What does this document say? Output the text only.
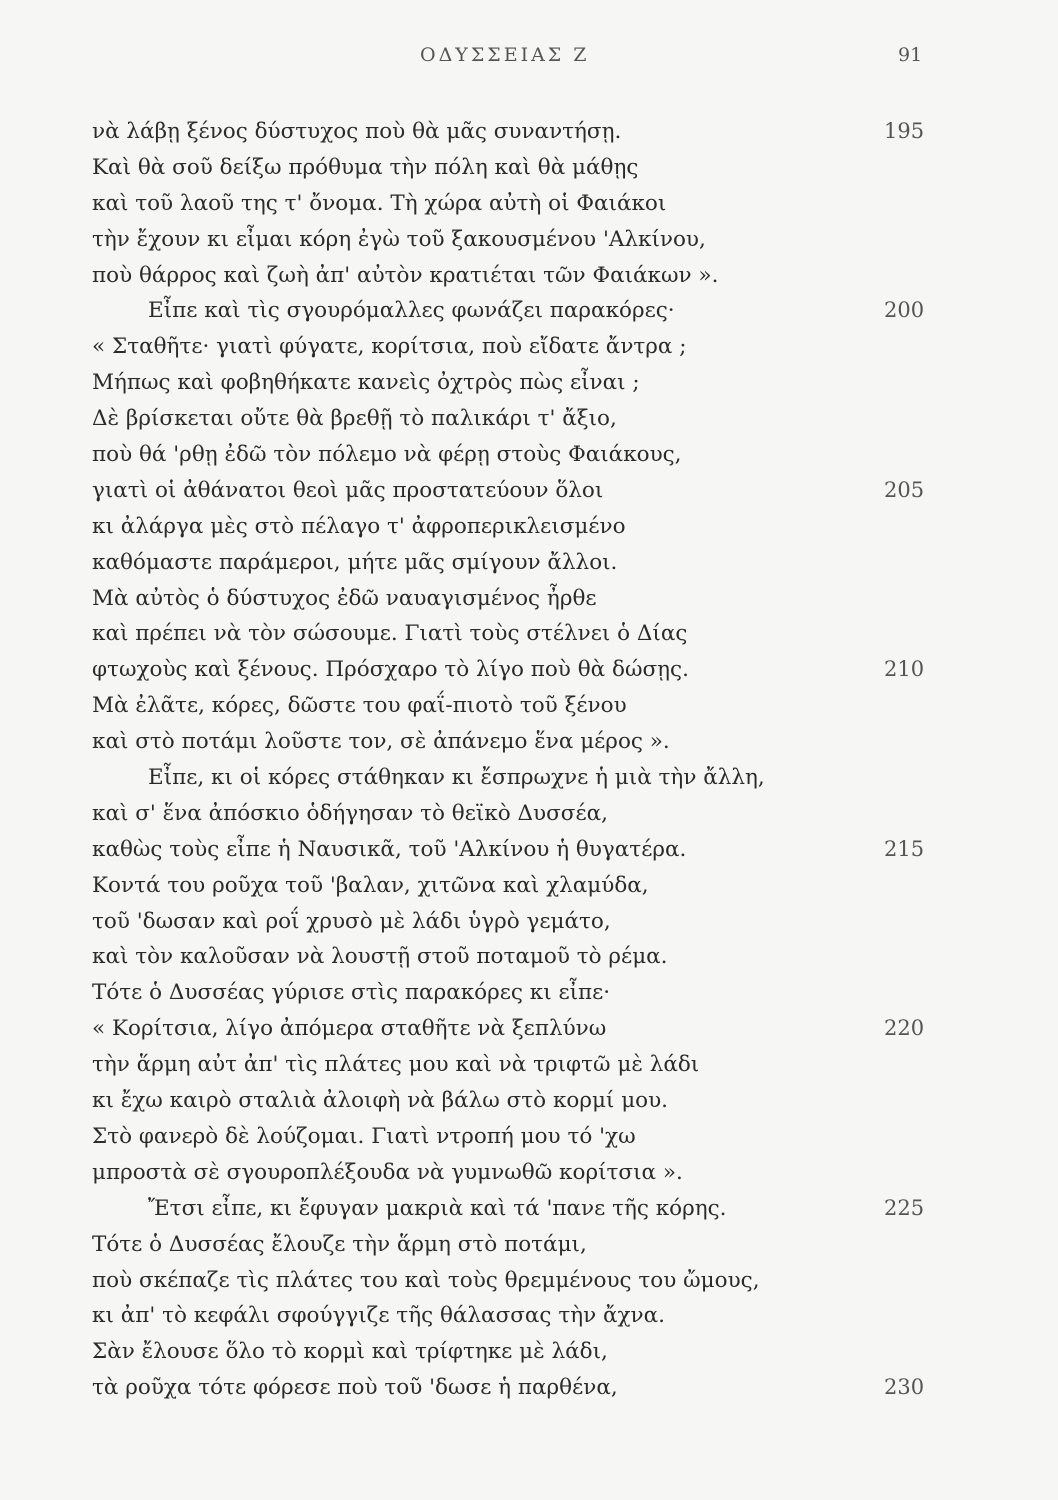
ΟΔΥΣΣΕΙΑΣ Ζ	91
νὰ λάβῃ ξένος δύστυχος ποὺ θὰ μᾶς συναντήσῃ.	195
Καὶ θὰ σοῦ δείξω πρόθυμα τὴν πόλη καὶ θὰ μάθῃς
καὶ τοῦ λαοῦ της τ' ὄνομα. Τὴ χώρα αὐτὴ οἱ Φαιάκοι
τὴν ἔχουν κι εἶμαι κόρη ἐγὼ τοῦ ξακουσμένου 'Αλκίνου,
ποὺ θάρρος καὶ ζωὴ ἀπ' αὐτὸν κρατιέται τῶν Φαιάκων ».
Εἶπε καὶ τὶς σγουρόμαλλες φωνάζει παρακόρες·	200
« Σταθῆτε· γιατὶ φύγατε, κορίτσια, ποὺ εἴδατε ἄντρα ;
Μήπως καὶ φοβηθήκατε κανεὶς ὀχτρὸς πὼς εἶναι ;
Δὲ βρίσκεται οὔτε θὰ βρεθῇ τὸ παλικάρι τ' ἄξιο,
ποὺ θά 'ρθῃ ἐδῶ τὸν πόλεμο νὰ φέρῃ στοὺς Φαιάκους,
γιατὶ οἱ ἀθάνατοι θεοὶ μᾶς προστατεύουν ὅλοι	205
κι ἀλάργα μὲς στὸ πέλαγο τ' ἀφροπερικλεισμένο
καθόμαστε παράμεροι, μήτε μᾶς σμίγουν ἄλλοι.
Μὰ αὐτὸς ὁ δύστυχος ἐδῶ ναυαγισμένος ἦρθε
καὶ πρέπει νὰ τὸν σώσουμε. Γιατὶ τοὺς στέλνει ὁ Δίας
φτωχοὺς καὶ ξένους. Πρόσχαρο τὸ λίγο ποὺ θὰ δώσῃς.	210
Μὰ ἐλᾶτε, κόρες, δῶστε του φαΐ-πιοτὸ τοῦ ξένου
καὶ στὸ ποτάμι λοῦστε τον, σὲ ἀπάνεμο ἕνα μέρος ».
Εἶπε, κι οἱ κόρες στάθηκαν κι ἔσπρωχνε ἡ μιὰ τὴν ἄλλη,
καὶ σ' ἕνα ἀπόσκιο ὁδήγησαν τὸ θεϊκὸ Δυσσέα,
καθὼς τοὺς εἶπε ἡ Ναυσικᾶ, τοῦ 'Αλκίνου ἡ θυγατέρα.	215
Κοντά του ροῦχα τοῦ 'βαλαν, χιτῶνα καὶ χλαμύδα,
τοῦ 'δωσαν καὶ ροΐ χρυσὸ μὲ λάδι ὑγρὸ γεμάτο,
καὶ τὸν καλοῦσαν νὰ λουστῇ στοῦ ποταμοῦ τὸ ρέμα.
Τότε ὁ Δυσσέας γύρισε στὶς παρακόρες κι εἶπε·
« Κορίτσια, λίγο ἀπόμερα σταθῆτε νὰ ξεπλύνω	220
τὴν ἅρμη αὐτ ἀπ' τὶς πλάτες μου καὶ νὰ τριφτῶ μὲ λάδι
κι ἔχω καιρὸ σταλιὰ ἀλοιφὴ νὰ βάλω στὸ κορμί μου.
Στὸ φανερὸ δὲ λούζομαι. Γιατὶ ντροπή μου τό 'χω
μπροστὰ σὲ σγουροπλέξουδα νὰ γυμνωθῶ κορίτσια ».
Ἔτσι εἶπε, κι ἔφυγαν μακριὰ καὶ τά 'πανε τῆς κόρης.	225
Τότε ὁ Δυσσέας ἔλουζε τὴν ἅρμη στὸ ποτάμι,
ποὺ σκέπαζε τὶς πλάτες του καὶ τοὺς θρεμμένους του ὤμους,
κι ἀπ' τὸ κεφάλι σφούγγιζε τῆς θάλασσας τὴν ἄχνα.
Σὰν ἔλουσε ὅλο τὸ κορμὶ καὶ τρίφτηκε μὲ λάδι,
τὰ ροῦχα τότε φόρεσε ποὺ τοῦ 'δωσε ἡ παρθένα,	230
